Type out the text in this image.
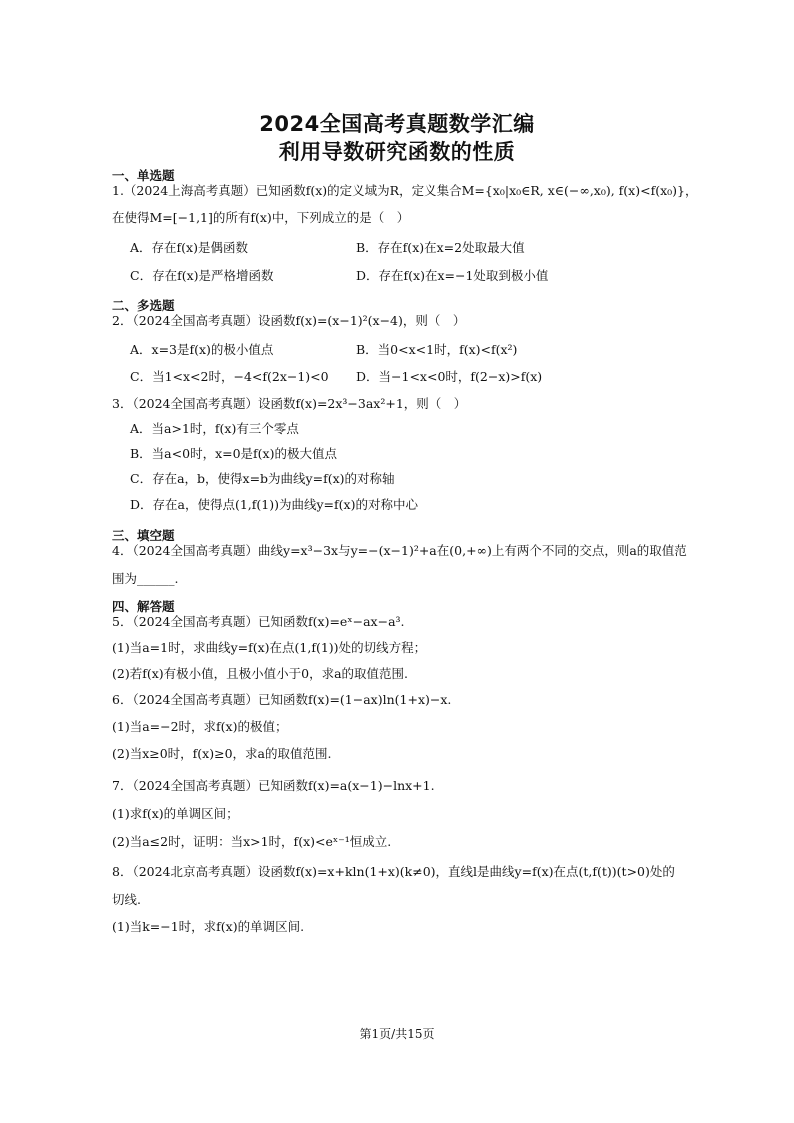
2024全国高考真题数学汇编
利用导数研究函数的性质
一、单选题
1.（2024上海高考真题）已知函数f(x)的定义域为R，定义集合M={x₀|x₀∈R, x∈(−∞,x₀), f(x)<f(x₀)}，
在使得M=[−1,1]的所有f(x)中，下列成立的是（　）
A．存在f(x)是偶函数	B．存在f(x)在x=2处取最大值
C．存在f(x)是严格增函数	D．存在f(x)在x=−1处取到极小值
二、多选题
2．（2024全国高考真题）设函数f(x)=(x−1)²(x−4)，则（　）
A．x=3是f(x)的极小值点	B．当0<x<1时，f(x)<f(x²)
C．当1<x<2时，−4<f(2x−1)<0 D．当−1<x<0时，f(2−x)>f(x)
3．（2024全国高考真题）设函数f(x)=2x³−3ax²+1，则（　）
A．当a>1时，f(x)有三个零点
B．当a<0时，x=0是f(x)的极大值点
C．存在a，b，使得x=b为曲线y=f(x)的对称轴
D．存在a，使得点(1,f(1))为曲线y=f(x)的对称中心
三、填空题
4．（2024全国高考真题）曲线y=x³−3x与y=−(x−1)²+a在(0,+∞)上有两个不同的交点，则a的取值范
围为______.
四、解答题
5．（2024全国高考真题）已知函数f(x)=eˣ−ax−a³.
(1)当a=1时，求曲线y=f(x)在点(1,f(1))处的切线方程；
(2)若f(x)有极小值，且极小值小于0，求a的取值范围.
6．（2024全国高考真题）已知函数f(x)=(1−ax)ln(1+x)−x.
(1)当a=−2时，求f(x)的极值；
(2)当x≥0时，f(x)≥0，求a的取值范围.
7．（2024全国高考真题）已知函数f(x)=a(x−1)−lnx+1.
(1)求f(x)的单调区间；
(2)当a≤2时，证明：当x>1时，f(x)<eˣ⁻¹恒成立.
8．（2024北京高考真题）设函数f(x)=x+kln(1+x)(k≠0)，直线l是曲线y=f(x)在点(t,f(t))(t>0)处的
切线.
(1)当k=−1时，求f(x)的单调区间.
第1页/共15页
